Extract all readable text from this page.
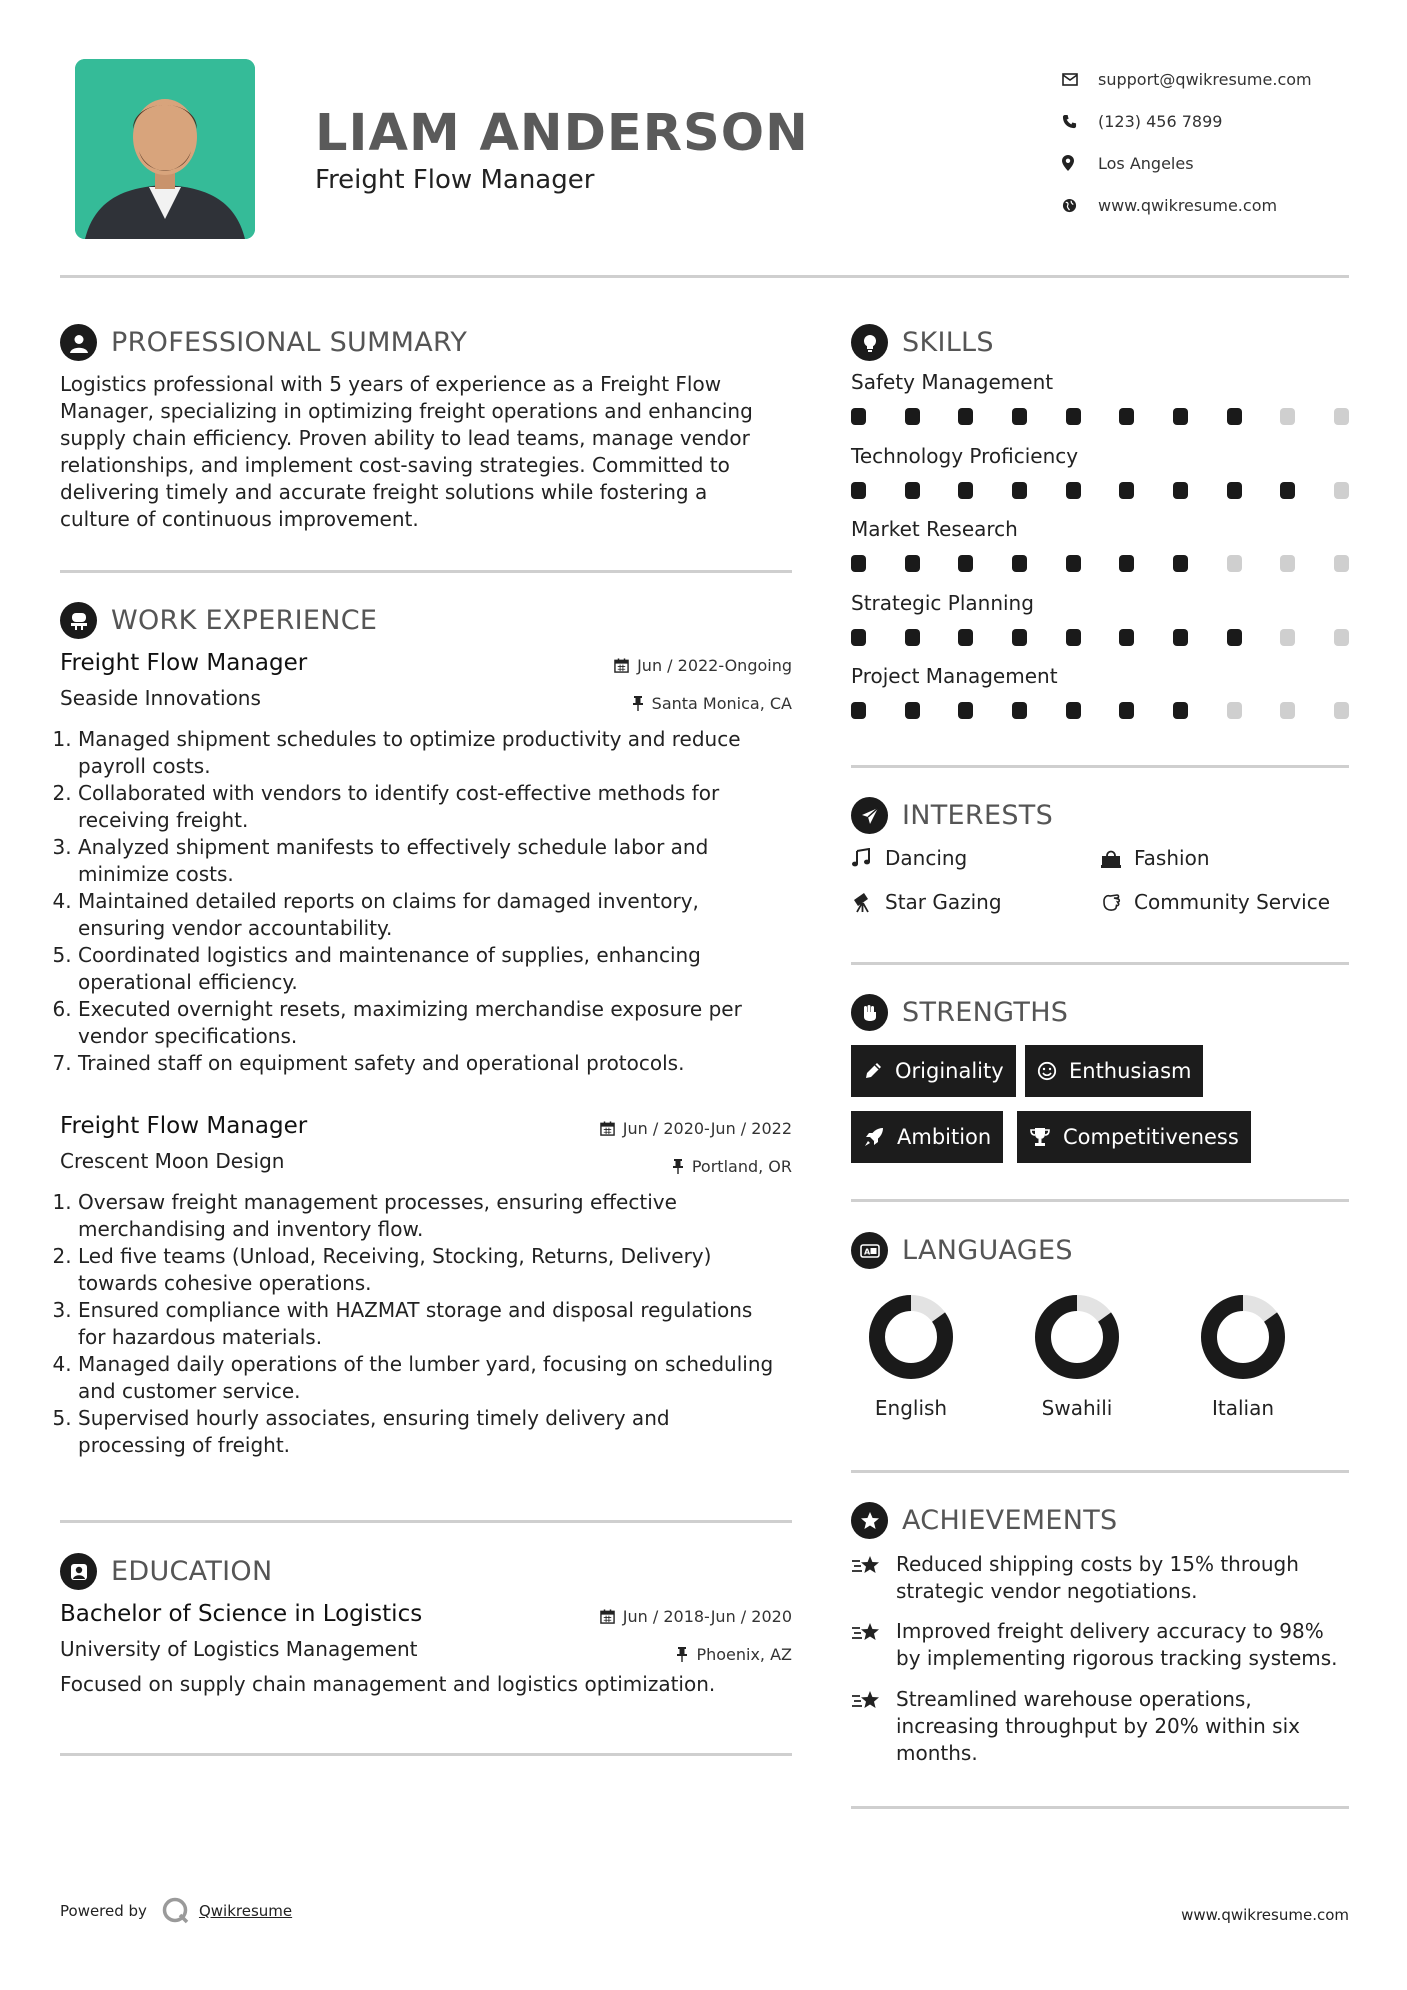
LIAM ANDERSON
Freight Flow Manager
support@qwikresume.com
(123) 456 7899
Los Angeles
www.qwikresume.com
PROFESSIONAL SUMMARY
Logistics professional with 5 years of experience as a Freight Flow
Manager, specializing in optimizing freight operations and enhancing
supply chain efficiency. Proven ability to lead teams, manage vendor
relationships, and implement cost-saving strategies. Committed to
delivering timely and accurate freight solutions while fostering a
culture of continuous improvement.
WORK EXPERIENCE
Freight Flow Manager	Jun / 2022-Ongoing
Seaside Innovations	Santa Monica, CA
1. Managed shipment schedules to optimize productivity and reduce
payroll costs.
2. Collaborated with vendors to identify cost-effective methods for
receiving freight.
3. Analyzed shipment manifests to effectively schedule labor and
minimize costs.
4. Maintained detailed reports on claims for damaged inventory,
ensuring vendor accountability.
5. Coordinated logistics and maintenance of supplies, enhancing
operational efficiency.
6. Executed overnight resets, maximizing merchandise exposure per
vendor specifications.
7. Trained staff on equipment safety and operational protocols.
Freight Flow Manager	Jun / 2020-Jun / 2022
Crescent Moon Design	Portland, OR
1. Oversaw freight management processes, ensuring effective
merchandising and inventory flow.
2. Led five teams (Unload, Receiving, Stocking, Returns, Delivery)
towards cohesive operations.
3. Ensured compliance with HAZMAT storage and disposal regulations
for hazardous materials.
4. Managed daily operations of the lumber yard, focusing on scheduling
and customer service.
5. Supervised hourly associates, ensuring timely delivery and
processing of freight.
EDUCATION
Bachelor of Science in Logistics	Jun / 2018-Jun / 2020
University of Logistics Management	Phoenix, AZ
Focused on supply chain management and logistics optimization.
SKILLS
Safety Management
Technology Proficiency
Market Research
Strategic Planning
Project Management
INTERESTS
Dancing	Fashion
Star Gazing	Community Service
STRENGTHS
Originality	Enthusiasm
Ambition	Competitiveness
A LANGUAGES
English	Swahili	Italian
ACHIEVEMENTS
Reduced shipping costs by 15% through
strategic vendor negotiations.
Improved freight delivery accuracy to 98%
by implementing rigorous tracking systems.
Streamlined warehouse operations,
increasing throughput by 20% within six
months.
Powered by	Qwikresume	www.qwikresume.com
